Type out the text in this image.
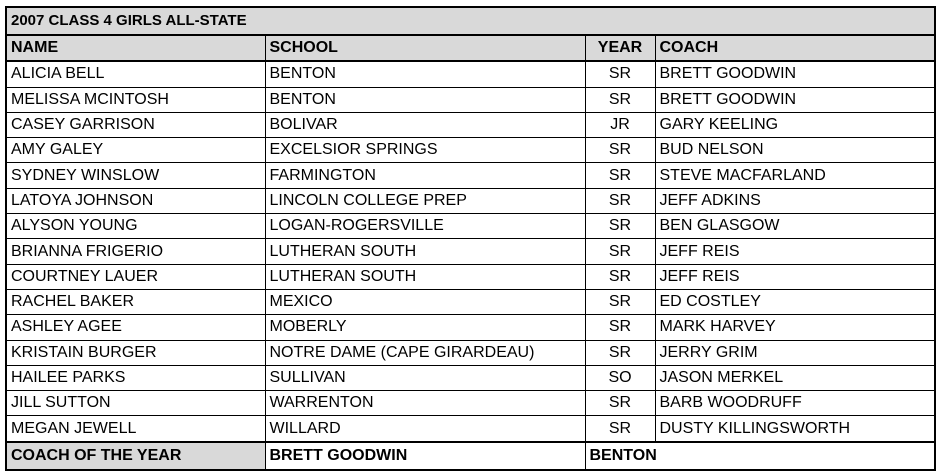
2007 CLASS 4 GIRLS ALL-STATE			
NAME	SCHOOL	YEAR	COACH
ALICIA BELL	BENTON	SR	BRETT GOODWIN
MELISSA MCINTOSH	BENTON	SR	BRETT GOODWIN
CASEY GARRISON	BOLIVAR	JR	GARY KEELING
AMY GALEY	EXCELSIOR SPRINGS	SR	BUD NELSON
SYDNEY WINSLOW	FARMINGTON	SR	STEVE MACFARLAND
LATOYA JOHNSON	LINCOLN COLLEGE PREP	SR	JEFF ADKINS
ALYSON YOUNG	LOGAN-ROGERSVILLE	SR	BEN GLASGOW
BRIANNA FRIGERIO	LUTHERAN SOUTH	SR	JEFF REIS
COURTNEY LAUER	LUTHERAN SOUTH	SR	JEFF REIS
RACHEL BAKER	MEXICO	SR	ED COSTLEY
ASHLEY AGEE	MOBERLY	SR	MARK HARVEY
KRISTAIN BURGER	NOTRE DAME (CAPE GIRARDEAU)	SR	JERRY GRIM
HAILEE PARKS	SULLIVAN	SO	JASON MERKEL
JILL SUTTON	WARRENTON	SR	BARB WOODRUFF
MEGAN JEWELL	WILLARD	SR	DUSTY KILLINGSWORTH
COACH OF THE YEAR	BRETT GOODWIN	BENTON	
